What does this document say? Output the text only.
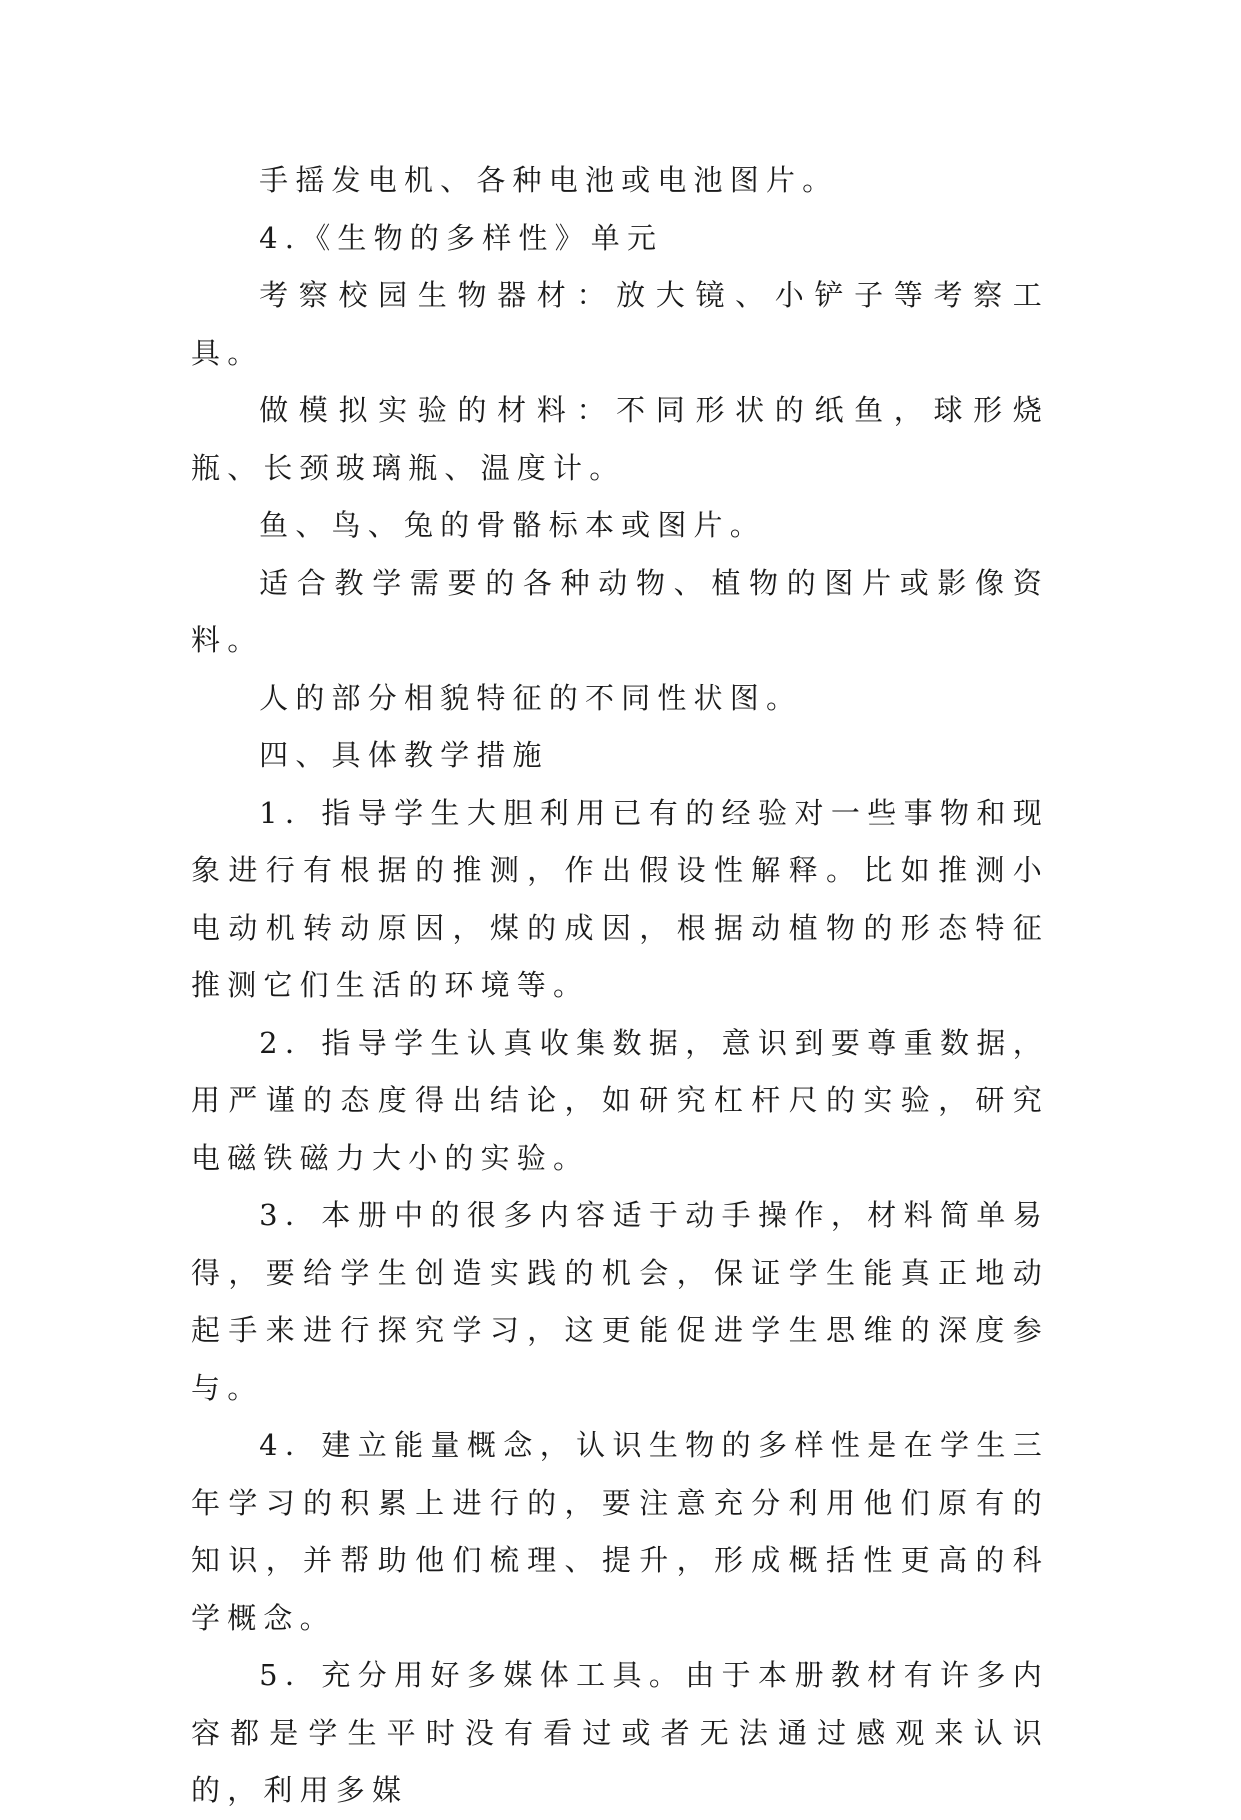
手摇发电机、各种电池或电池图片。

4.《生物的多样性》单元

考察校园生物器材：放大镜、小铲子等考察工具。

做模拟实验的材料：不同形状的纸鱼，球形烧瓶、长颈玻璃瓶、温度计。

鱼、鸟、兔的骨骼标本或图片。

适合教学需要的各种动物、植物的图片或影像资料。

人的部分相貌特征的不同性状图。

四、具体教学措施

1．指导学生大胆利用已有的经验对一些事物和现象进行有根据的推测，作出假设性解释。比如推测小电动机转动原因，煤的成因，根据动植物的形态特征推测它们生活的环境等。

2．指导学生认真收集数据，意识到要尊重数据，用严谨的态度得出结论，如研究杠杆尺的实验，研究电磁铁磁力大小的实验。

3．本册中的很多内容适于动手操作，材料简单易得，要给学生创造实践的机会，保证学生能真正地动起手来进行探究学习，这更能促进学生思维的深度参与。

4．建立能量概念，认识生物的多样性是在学生三年学习的积累上进行的，要注意充分利用他们原有的知识，并帮助他们梳理、提升，形成概括性更高的科学概念。

5．充分用好多媒体工具。由于本册教材有许多内容都是学生平时没有看过或者无法通过感观来认识的，利用多媒
